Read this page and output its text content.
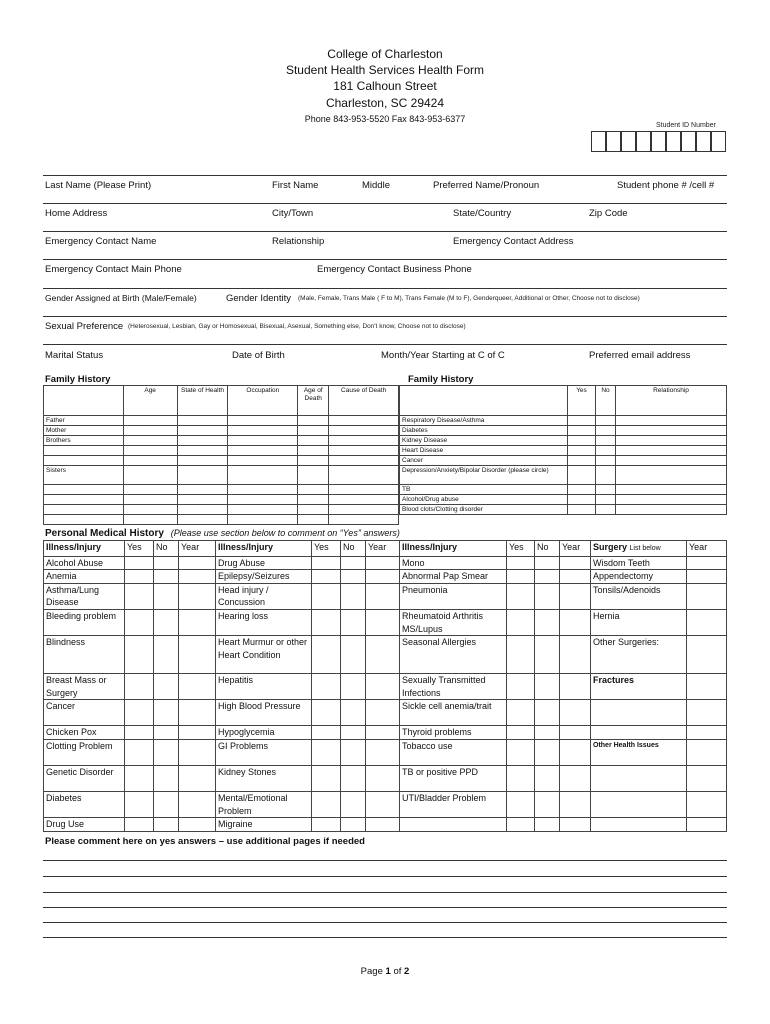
College of Charleston
Student Health Services Health Form
181 Calhoun Street
Charleston, SC 29424
Phone 843-953-5520 Fax 843-953-6377
Student ID Number
Last Name (Please Print)	First Name	Middle	Preferred Name/Pronoun	Student phone # /cell #
Home Address	City/Town	State/Country	Zip Code
Emergency Contact Name	Relationship	Emergency Contact Address
Emergency Contact Main Phone	Emergency Contact Business Phone
Gender Assigned at Birth (Male/Female)	Gender Identity (Male, Female, Trans Male ( F to M), Trans Female (M to F), Genderqueer, Additional or Other, Choose not to disclose)
Sexual Preference (Heterosexual, Lesbian, Gay or Homosexual, Bisexual, Asexual, Something else, Don't know, Choose not to disclose)
Marital Status	Date of Birth	Month/Year Starting at C of C	Preferred email address
Family History	Family History
	Age	State of Health	Occupation	Age of Death	Cause of Death
Father					
Mother					
Brothers					

Sisters					

	Yes	No	Relationship
Respiratory Disease/Asthma			
Diabetes			
Kidney Disease			
Heart Disease			
Cancer			
Depression/Anxiety/Bipolar Disorder (please circle)			
TB			
Alcohol/Drug abuse			
Blood clots/Clotting disorder			
Personal Medical History (Please use section below to comment on “Yes” answers)
Illness/Injury	Yes	No	Year	Illness/Injury	Yes	No	Year	Illness/Injury	Yes	No	Year	Surgery List below	Year
Alcohol Abuse				Drug Abuse				Mono				Wisdom Teeth	
Anemia				Epilepsy/Seizures				Abnormal Pap Smear				Appendectomy	
Asthma/Lung Disease				Head injury / Concussion				Pneumonia				Tonsils/Adenoids	
Bleeding problem				Hearing loss				Rheumatoid Arthritis MS/Lupus				Hernia	
Blindness				Heart Murmur or other Heart Condition				Seasonal Allergies				Other Surgeries:	
Breast Mass or Surgery				Hepatitis				Sexually Transmitted Infections				Fractures	
Cancer				High Blood Pressure				Sickle cell anemia/trait					
Chicken Pox				Hypoglycemia				Thyroid problems					
Clotting Problem				GI Problems				Tobacco use				Other Health Issues	
Genetic Disorder				Kidney Stones				TB or positive PPD					
Diabetes				Mental/Emotional Problem				UTI/Bladder Problem					
Drug Use				Migraine									
Please comment here on yes answers – use additional pages if needed
Page 1 of 2
